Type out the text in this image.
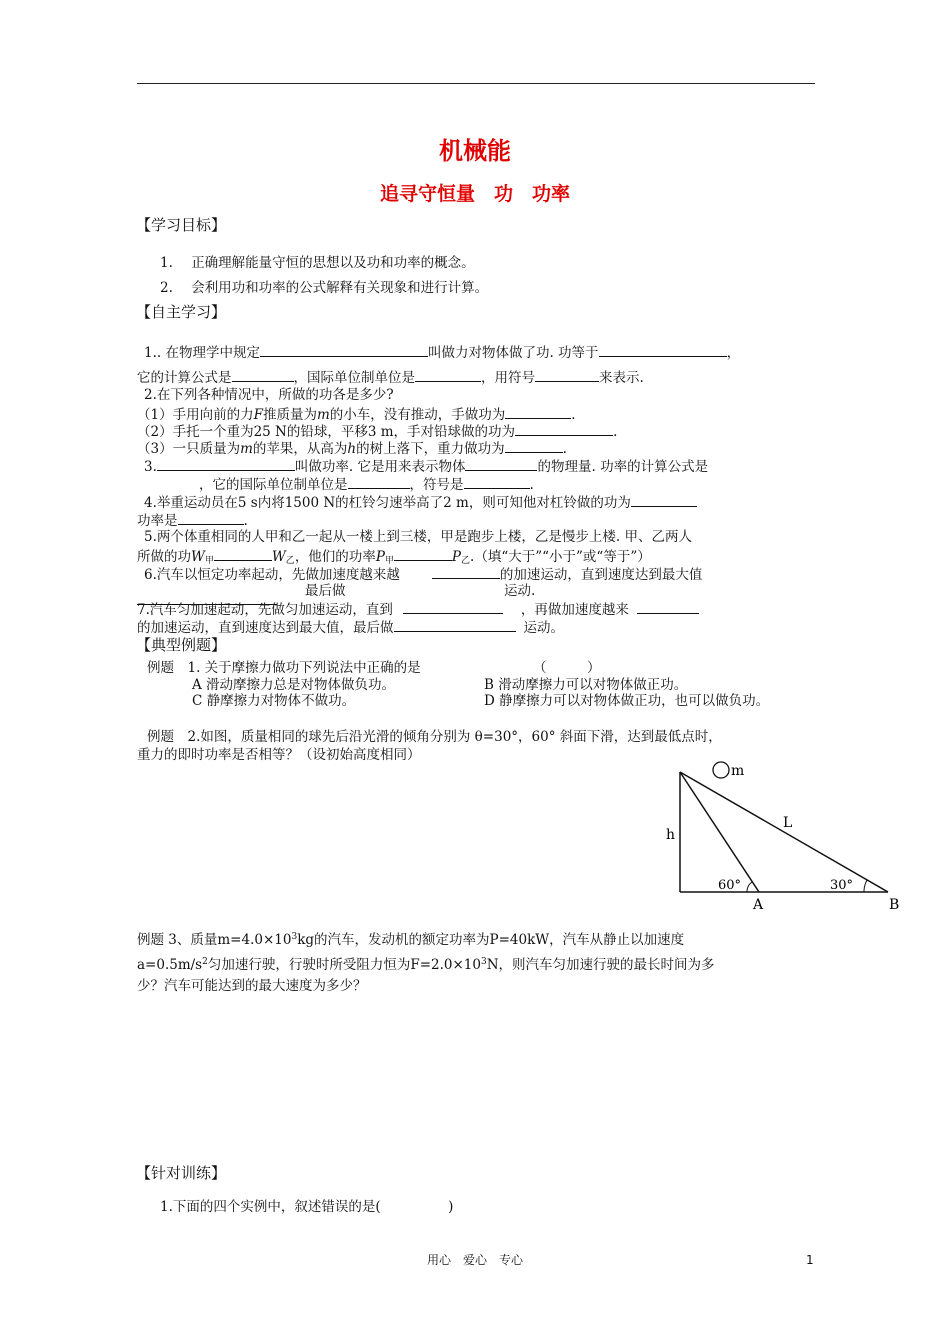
机械能
追寻守恒量　功　功率
【学习目标】
1. 正确理解能量守恒的思想以及功和功率的概念。
2. 会利用功和功率的公式解释有关现象和进行计算。
【自主学习】
1.. 在物理学中规定	叫做力对物体做了功. 功等于	，
它的计算公式是	，国际单位制单位是	，用符号	来表示.
2.在下列各种情况中，所做的功各是多少?
（1）手用向前的力F推质量为m的小车，没有推动，手做功为	.
（2）手托一个重为25 N的铅球，平移3 m，手对铅球做的功为	.
（3）一只质量为m的苹果，从高为h的树上落下，重力做功为	.
3.	叫做功率. 它是用来表示物体	的物理量. 功率的计算公式是
，它的国际单位制单位是	，符号是	.
4.举重运动员在5 s内将1500 N的杠铃匀速举高了2 m，则可知他对杠铃做的功为
功率是	.
5.两个体重相同的人甲和乙一起从一楼上到三楼，甲是跑步上楼，乙是慢步上楼. 甲、乙两人
所做的功$W_甲$	$W_乙$，他们的功率$P_甲$	$P_乙$.（填“大于”“小于”或“等于”）
6.汽车以恒定功率起动，先做加速度越来越	的加速运动，直到速度达到最大值
最后做	运动.
7.汽车匀加速起动，先做匀加速运动，直到	，再做加速度越来
的加速运动，直到速度达到最大值，最后做	运动。
【典型例题】
例题　1. 关于摩擦力做功下列说法中正确的是	（　　　）
A 滑动摩擦力总是对物体做负功。	B 滑动摩擦力可以对物体做正功。
C 静摩擦力对物体不做功。	D 静摩擦力可以对物体做正功，也可以做负功。
例题　2.如图，质量相同的球先后沿光滑的倾角分别为 θ=30°，60° 斜面下滑，达到最低点时，
重力的即时功率是否相等？（设初始高度相同）
m
h
L
60°	30°
A	B
例题 3、质量$m=4.0\times 10^3kg$的汽车，发动机的额定功率为P=40kW，汽车从静止以加速度
$a=0.5m/s^2$匀加速行驶，行驶时所受阻力恒为$F=2.0\times 10^3N$，则汽车匀加速行驶的最长时间为多
少？汽车可能达到的最大速度为多少？
【针对训练】
1.下面的四个实例中，叙述错误的是(　　　　　)
用心　爱心　专心	1
